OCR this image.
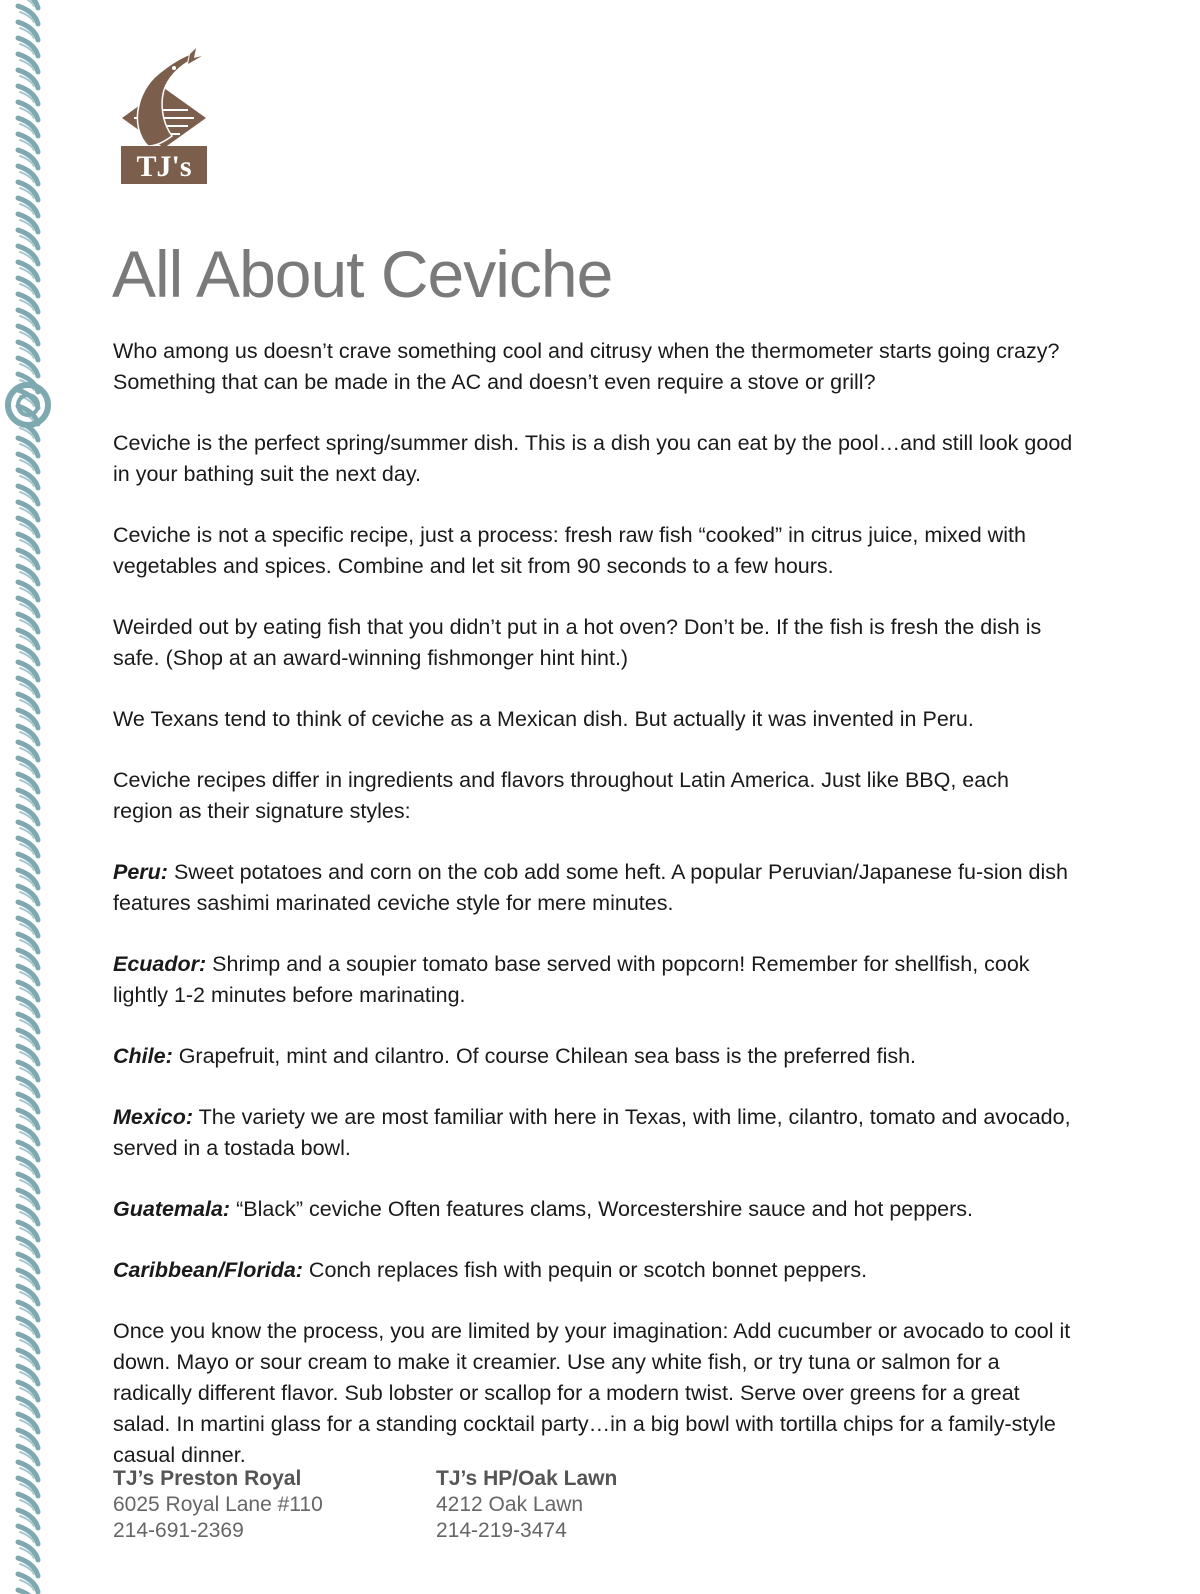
TJ's
All About Ceviche

Who among us doesn’t crave something cool and citrusy when the thermometer starts going crazy? Something that can be made in the AC and doesn’t even require a stove or grill?

Ceviche is the perfect spring/summer dish. This is a dish you can eat by the pool…and still look good in your bathing suit the next day.

Ceviche is not a specific recipe, just a process: fresh raw fish “cooked” in citrus juice, mixed with vegetables and spices. Combine and let sit from 90 seconds to a few hours.

Weirded out by eating fish that you didn’t put in a hot oven? Don’t be. If the fish is fresh the dish is safe. (Shop at an award-winning fishmonger hint hint.)

We Texans tend to think of ceviche as a Mexican dish. But actually it was invented in Peru.

Ceviche recipes differ in ingredients and flavors throughout Latin America. Just like BBQ, each region as their signature styles:

Peru: Sweet potatoes and corn on the cob add some heft. A popular Peruvian/Japanese fu-sion dish features sashimi marinated ceviche style for mere minutes.

Ecuador: Shrimp and a soupier tomato base served with popcorn! Remember for shellfish, cook lightly 1-2 minutes before marinating.

Chile: Grapefruit, mint and cilantro. Of course Chilean sea bass is the preferred fish.

Mexico: The variety we are most familiar with here in Texas, with lime, cilantro, tomato and avocado, served in a tostada bowl.

Guatemala: “Black” ceviche Often features clams, Worcestershire sauce and hot peppers.

Caribbean/Florida: Conch replaces fish with pequin or scotch bonnet peppers.

Once you know the process, you are limited by your imagination: Add cucumber or avocado to cool it down. Mayo or sour cream to make it creamier. Use any white fish, or try tuna or salmon for a radically different flavor. Sub lobster or scallop for a modern twist. Serve over greens for a great salad. In martini glass for a standing cocktail party…in a big bowl with tortilla chips for a family-style casual dinner.

TJ’s Preston Royal
6025 Royal Lane #110
214-691-2369
TJ’s HP/Oak Lawn
4212 Oak Lawn
214-219-3474
